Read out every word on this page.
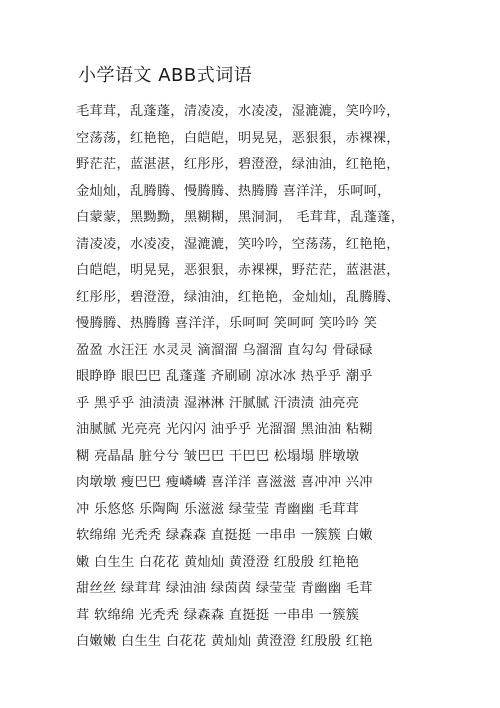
小学语文 ABB式词语
毛茸茸，乱蓬蓬，清凌凌，水凌凌，湿漉漉，笑吟吟，
空荡荡，红艳艳，白皑皑，明晃晃，恶狠狠，赤裸裸，
野茫茫，蓝湛湛，红彤彤，碧澄澄，绿油油，红艳艳，
金灿灿，乱腾腾、慢腾腾、热腾腾 喜洋洋，乐呵呵，
白蒙蒙，黑黝黝，黑糊糊，黑洞洞， 毛茸茸，乱蓬蓬，
清凌凌，水凌凌，湿漉漉，笑吟吟，空荡荡，红艳艳，
白皑皑，明晃晃，恶狠狠，赤裸裸，野茫茫，蓝湛湛，
红彤彤，碧澄澄，绿油油，红艳艳，金灿灿，乱腾腾、
慢腾腾、热腾腾 喜洋洋，乐呵呵 笑呵呵 笑吟吟 笑
盈盈 水汪汪 水灵灵 滴溜溜 乌溜溜 直勾勾 骨碌碌
眼睁睁 眼巴巴 乱蓬蓬 齐刷刷 凉冰冰 热乎乎 潮乎
乎 黑乎乎 油渍渍 湿淋淋 汗腻腻 汗渍渍 油亮亮
油腻腻 光亮亮 光闪闪 油乎乎 光溜溜 黑油油 粘糊
糊 亮晶晶 脏兮兮 皱巴巴 干巴巴 松塌塌 胖墩墩
肉墩墩 瘦巴巴 瘦嶙嶙 喜洋洋 喜滋滋 喜冲冲 兴冲
冲 乐悠悠 乐陶陶 乐滋滋 绿莹莹 青幽幽 毛茸茸
软绵绵 光秃秃 绿森森 直挺挺 一串串 一簇簇 白嫩
嫩 白生生 白花花 黄灿灿 黄澄澄 红殷殷 红艳艳
甜丝丝 绿茸茸 绿油油 绿茵茵 绿莹莹 青幽幽 毛茸
茸 软绵绵 光秃秃 绿森森 直挺挺 一串串 一簇簇
白嫩嫩 白生生 白花花 黄灿灿 黄澄澄 红殷殷 红艳
